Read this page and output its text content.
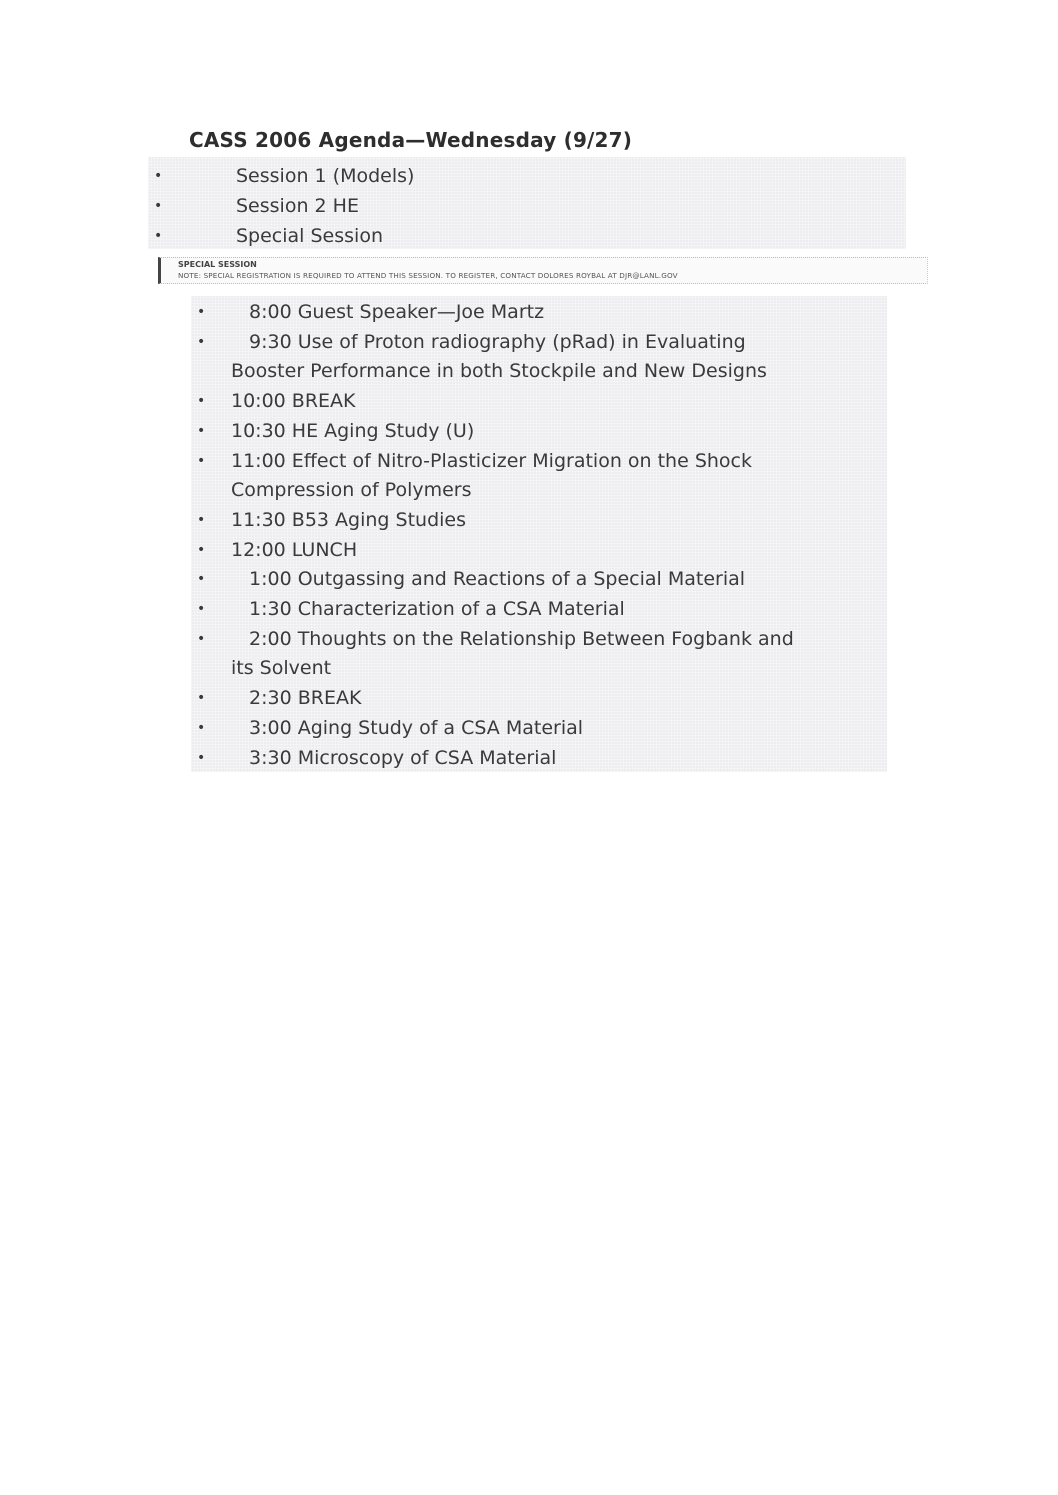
CASS 2006 Agenda—Wednesday (9/27)
•	Session 1 (Models)
•	Session 2 HE
•	Special Session
SPECIAL SESSION
NOTE: SPECIAL REGISTRATION IS REQUIRED TO ATTEND THIS SESSION. TO REGISTER, CONTACT DOLORES ROYBAL AT DJR@LANL.GOV
•	8:00 Guest Speaker—Joe Martz
•	9:30 Use of Proton radiography (pRad) in Evaluating
Booster Performance in both Stockpile and New Designs
•	10:00 BREAK
•	10:30 HE Aging Study (U)
•	11:00 Effect of Nitro-Plasticizer Migration on the Shock
Compression of Polymers
•	11:30 B53 Aging Studies
•	12:00 LUNCH
•	1:00 Outgassing and Reactions of a Special Material
•	1:30 Characterization of a CSA Material
•	2:00 Thoughts on the Relationship Between Fogbank and
its Solvent
•	2:30 BREAK
•	3:00 Aging Study of a CSA Material
•	3:30 Microscopy of CSA Material
